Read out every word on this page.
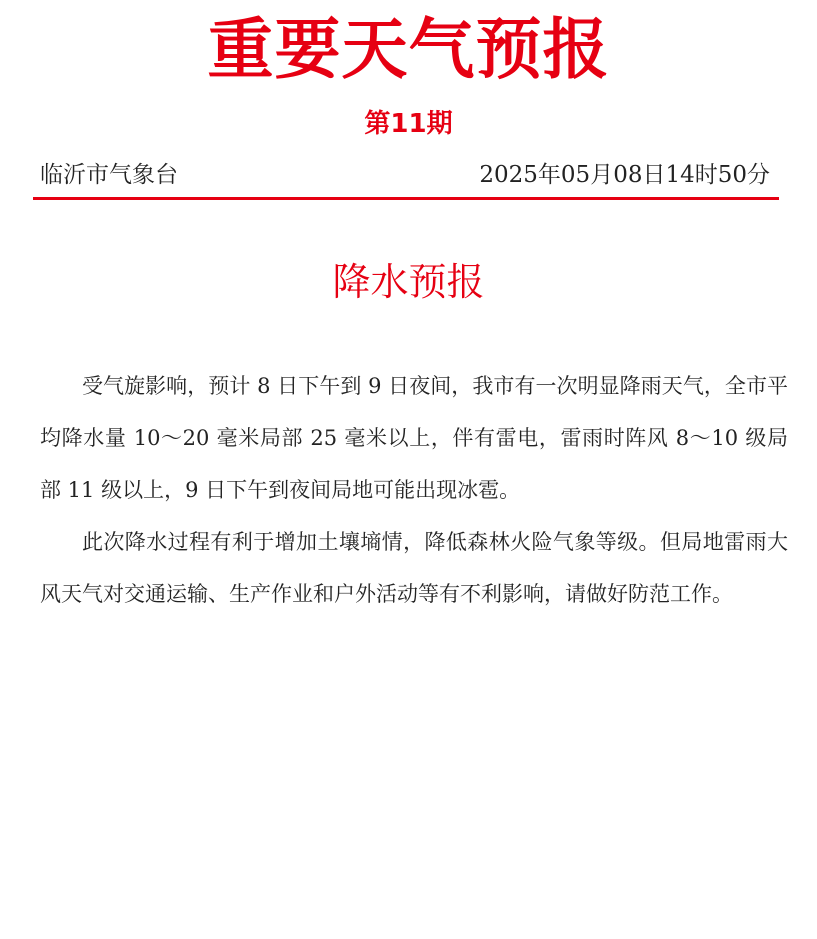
重要天气预报
第11期
临沂市气象台	2025年05月08日14时50分
降水预报

受气旋影响，预计 8 日下午到 9 日夜间，我市有一次明显降雨天气，全市平均降水量 10～20 毫米局部 25 毫米以上，伴有雷电，雷雨时阵风 8～10 级局部 11 级以上，9 日下午到夜间局地可能出现冰雹。

此次降水过程有利于增加土壤墒情，降低森林火险气象等级。但局地雷雨大风天气对交通运输、生产作业和户外活动等有不利影响，请做好防范工作。
